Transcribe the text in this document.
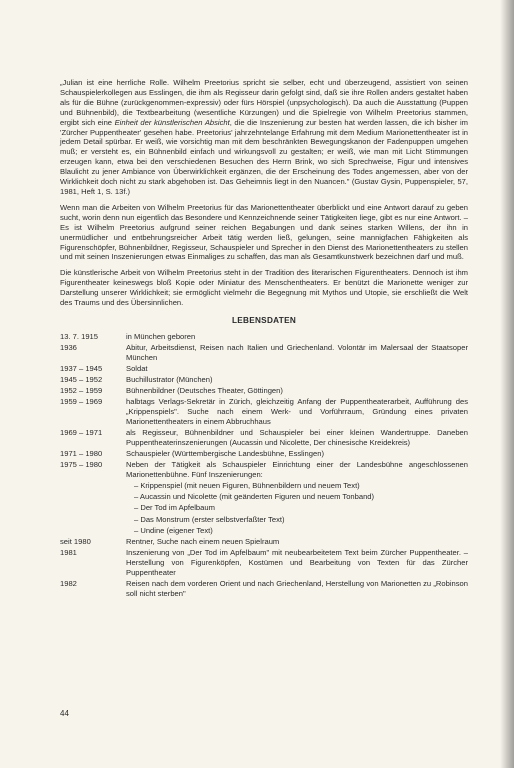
„Julian ist eine herrliche Rolle. Wilhelm Preetorius spricht sie selber, echt und überzeugend, assistiert von seinen Schauspielerkollegen aus Esslingen, die ihm als Regisseur darin gefolgt sind, daß sie ihre Rollen anders gestaltet haben als für die Bühne (zurückgenommen-expressiv) oder fürs Hörspiel (unpsychologisch). Da auch die Ausstattung (Puppen und Bühnenbild), die Textbearbeitung (wesentliche Kürzungen) und die Spielregie von Wilhelm Preetorius stammen, ergibt sich eine Einheit der künstlerischen Absicht, die die Inszenierung zur besten hat werden lassen, die ich bisher im 'Zürcher Puppentheater' gesehen habe. Preetorius' jahrzehntelange Erfahrung mit dem Medium Marionettentheater ist in jedem Detail spürbar. Er weiß, wie vorsichtig man mit dem beschränkten Bewegungskanon der Fadenpuppen umgehen muß; er versteht es, ein Bühnenbild einfach und wirkungsvoll zu gestalten; er weiß, wie man mit Licht Stimmungen erzeugen kann, etwa bei den verschiedenen Besuchen des Herrn Brink, wo sich Sprechweise, Figur und intensives Blaulicht zu jener Ambiance von Überwirklichkeit ergänzen, die der Erscheinung des Todes angemessen, aber von der Wirklichkeit doch nicht zu stark abgehoben ist. Das Geheimnis liegt in den Nuancen." (Gustav Gysin, Puppenspieler, 57, 1981, Heft 1, S. 13f.)

Wenn man die Arbeiten von Wilhelm Preetorius für das Marionettentheater überblickt und eine Antwort darauf zu geben sucht, worin denn nun eigentlich das Besondere und Kennzeichnende seiner Tätigkeiten liege, gibt es nur eine Antwort. – Es ist Wilhelm Preetorius aufgrund seiner reichen Begabungen und dank seines starken Willens, der ihn in unermüdlicher und entbehrungsreicher Arbeit tätig werden ließ, gelungen, seine mannigfachen Fähigkeiten als Figurenschöpfer, Bühnenbildner, Regisseur, Schauspieler und Sprecher in den Dienst des Marionettentheaters zu stellen und mit seinen Inszenierungen etwas Einmaliges zu schaffen, das man als Gesamtkunstwerk bezeichnen darf und muß.

Die künstlerische Arbeit von Wilhelm Preetorius steht in der Tradition des literarischen Figurentheaters. Dennoch ist ihm Figurentheater keineswegs bloß Kopie oder Miniatur des Menschentheaters. Er benützt die Marionette weniger zur Darstellung unserer Wirklichkeit; sie ermöglicht vielmehr die Begegnung mit Mythos und Utopie, sie erschließt die Welt des Traums und des Übersinnlichen.

LEBENSDATEN
13. 7. 1915	in München geboren
1936	Abitur, Arbeitsdienst, Reisen nach Italien und Griechenland. Volontär im Malersaal der Staatsoper München
1937 – 1945	Soldat
1945 – 1952	Buchillustrator (München)
1952 – 1959	Bühnenbildner (Deutsches Theater, Göttingen)
1959 – 1969	halbtags Verlags-Sekretär in Zürich, gleichzeitig Anfang der Puppentheaterarbeit, Aufführung des „Krippenspiels". Suche nach einem Werk- und Vorführraum, Gründung eines privaten Marionettentheaters in einem Abbruchhaus
1969 – 1971	als Regisseur, Bühnenbildner und Schauspieler bei einer kleinen Wandertruppe. Daneben Puppentheaterinszenierungen (Aucassin und Nicolette, Der chinesische Kreidekreis)
1971 – 1980	Schauspieler (Württembergische Landesbühne, Esslingen)
1975 – 1980	Neben der Tätigkeit als Schauspieler Einrichtung einer der Landesbühne angeschlossenen Marionettenbühne. Fünf Inszenierungen:
– Krippenspiel (mit neuen Figuren, Bühnenbildern und neuem Text)
– Aucassin und Nicolette (mit geänderten Figuren und neuem Tonband)
– Der Tod im Apfelbaum
– Das Monstrum (erster selbstverfaßter Text)
– Undine (eigener Text)
seit 1980	Rentner, Suche nach einem neuen Spielraum
1981	Inszenierung von „Der Tod im Apfelbaum" mit neubearbeitetem Text beim Zürcher Puppentheater. – Herstellung von Figurenköpfen, Kostümen und Bearbeitung von Texten für das Zürcher Puppentheater
1982	Reisen nach dem vorderen Orient und nach Griechenland, Herstellung von Marionetten zu „Robinson soll nicht sterben"
44
